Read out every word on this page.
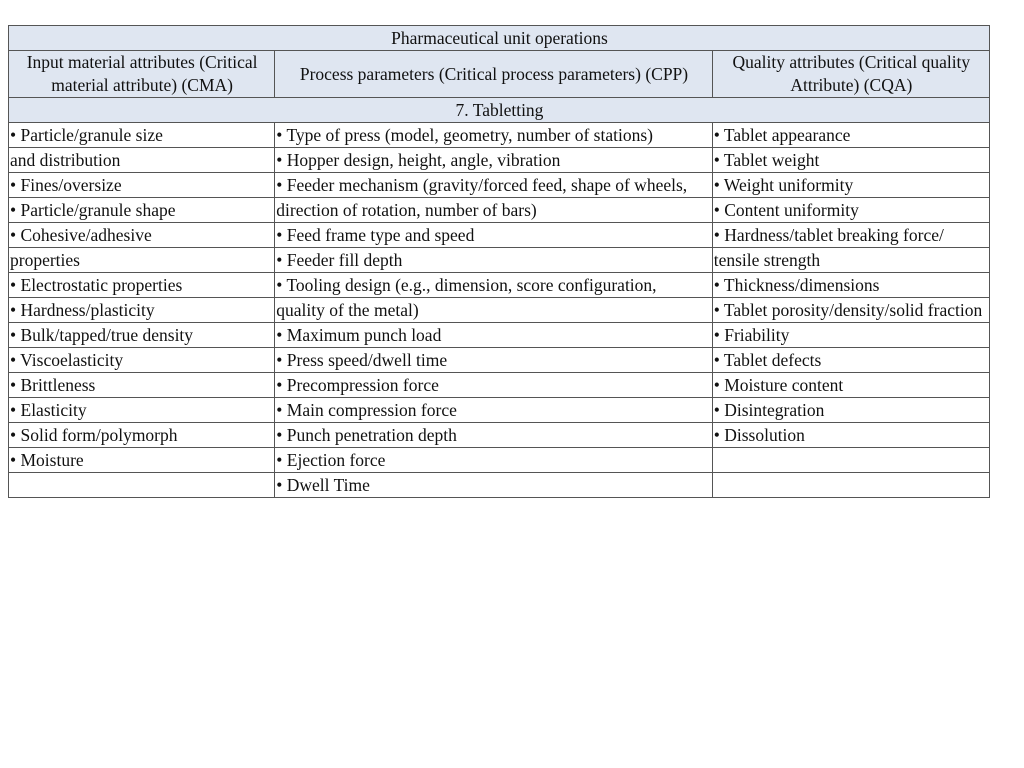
Pharmaceutical unit operations		
Input material attributes (Critical material attribute) (CMA)	Process parameters (Critical process parameters) (CPP)	Quality attributes (Critical quality Attribute) (CQA)
7. Tabletting		
• Particle/granule size	• Type of press (model, geometry, number of stations)	• Tablet appearance
and distribution	• Hopper design, height, angle, vibration	• Tablet weight
• Fines/oversize	• Feeder mechanism (gravity/forced feed, shape of wheels,	• Weight uniformity
• Particle/granule shape	direction of rotation, number of bars)	• Content uniformity
• Cohesive/adhesive	• Feed frame type and speed	• Hardness/tablet breaking force/
properties	• Feeder fill depth	tensile strength
• Electrostatic properties	• Tooling design (e.g., dimension, score configuration,	• Thickness/dimensions
• Hardness/plasticity	quality of the metal)	• Tablet porosity/density/solid fraction
• Bulk/tapped/true density	• Maximum punch load	• Friability
• Viscoelasticity	• Press speed/dwell time	• Tablet defects
• Brittleness	• Precompression force	• Moisture content
• Elasticity	• Main compression force	• Disintegration
• Solid form/polymorph	• Punch penetration depth	• Dissolution
• Moisture	• Ejection force	
	• Dwell Time	
